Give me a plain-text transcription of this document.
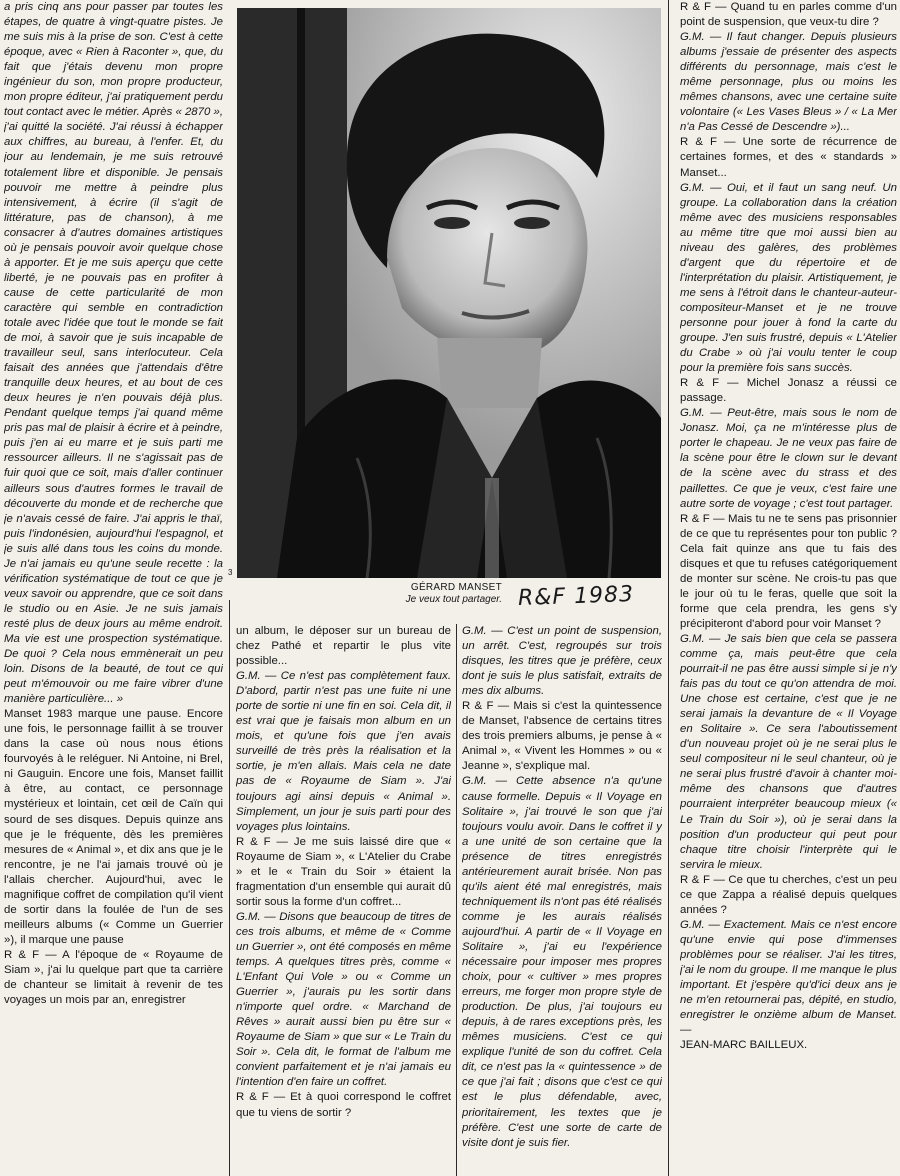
a pris cinq ans pour passer par toutes les étapes, de quatre à vingt-quatre pistes. Je me suis mis à la prise de son. C'est à cette époque, avec « Rien à Raconter », que, du fait que j'étais devenu mon propre ingénieur du son, mon propre producteur, mon propre éditeur, j'ai pratiquement perdu tout contact avec le métier. Après « 2870 », j'ai quitté la société. J'ai réussi à échapper aux chiffres, au bureau, à l'enfer. Et, du jour au lendemain, je me suis retrouvé totalement libre et disponible. Je pensais pouvoir me mettre à peindre plus intensivement, à écrire (il s'agit de littérature, pas de chanson), à me consacrer à d'autres domaines artistiques où je pensais pouvoir avoir quelque chose à apporter. Et je me suis aperçu que cette liberté, je ne pouvais pas en profiter à cause de cette particularité de mon caractère qui semble en contradiction totale avec l'idée que tout le monde se fait de moi, à savoir que je suis incapable de travailleur seul, sans interlocuteur. Cela faisait des années que j'attendais d'être tranquille deux heures, et au bout de ces deux heures je n'en pouvais déjà plus. Pendant quelque temps j'ai quand même pris pas mal de plaisir à écrire et à peindre, puis j'en ai eu marre et je suis parti me ressourcer ailleurs. Il ne s'agissait pas de fuir quoi que ce soit, mais d'aller continuer ailleurs sous d'autres formes le travail de découverte du monde et de recherche que je n'avais cessé de faire. J'ai appris le thaï, puis l'indonésien, aujourd'hui l'espagnol, et je suis allé dans tous les coins du monde. Je n'ai jamais eu qu'une seule recette : la vérification systématique de tout ce que je veux savoir ou apprendre, que ce soit dans le studio ou en Asie. Je ne suis jamais resté plus de deux jours au même endroit. Ma vie est une prospection systématique. De quoi ? Cela nous emmènerait un peu loin. Disons de la beauté, de tout ce qui peut m'émouvoir ou me faire vibrer d'une manière particulière... »

Manset 1983 marque une pause. Encore une fois, le personnage faillit à se trouver dans la case où nous nous étions fourvoyés à le reléguer. Ni Antoine, ni Brel, ni Gauguin. Encore une fois, Manset faillit à être, au contact, ce personnage mystérieux et lointain, cet œil de Caïn qui sourd de ses disques. Depuis quinze ans que je le fréquente, dès les premières mesures de « Animal », et dix ans que je le rencontre, je ne l'ai jamais trouvé où je l'allais chercher. Aujourd'hui, avec le magnifique coffret de compilation qu'il vient de sortir dans la foulée de l'un de ses meilleurs albums (« Comme un Guerrier »), il marque une pause

R & F — A l'époque de « Royaume de Siam », j'ai lu quelque part que ta carrière de chanteur se limitait à revenir de tes voyages un mois par an, enregistrer

3
GÉRARD MANSET
Je veux tout partager. R&F 1983

un album, le déposer sur un bureau de chez Pathé et repartir le plus vite possible...

G.M. — Ce n'est pas complètement faux. D'abord, partir n'est pas une fuite ni une porte de sortie ni une fin en soi. Cela dit, il est vrai que je faisais mon album en un mois, et qu'une fois que j'en avais surveillé de très près la réalisation et la sortie, je m'en allais. Mais cela ne date pas de « Royaume de Siam ». J'ai toujours agi ainsi depuis « Animal ». Simplement, un jour je suis parti pour des voyages plus lointains.

R & F — Je me suis laissé dire que « Royaume de Siam », « L'Atelier du Crabe » et le « Train du Soir » étaient la fragmentation d'un ensemble qui aurait dû sortir sous la forme d'un coffret...

G.M. — Disons que beaucoup de titres de ces trois albums, et même de « Comme un Guerrier », ont été composés en même temps. A quelques titres près, comme « L'Enfant Qui Vole » ou « Comme un Guerrier », j'aurais pu les sortir dans n'importe quel ordre. « Marchand de Rêves » aurait aussi bien pu être sur « Royaume de Siam » que sur « Le Train du Soir ». Cela dit, le format de l'album me convient parfaitement et je n'ai jamais eu l'intention d'en faire un coffret.

R & F — Et à quoi correspond le coffret que tu viens de sortir ?

G.M. — C'est un point de suspension, un arrêt. C'est, regroupés sur trois disques, les titres que je préfère, ceux dont je suis le plus satisfait, extraits de mes dix albums.

R & F — Mais si c'est la quintessence de Manset, l'absence de certains titres des trois premiers albums, je pense à « Animal », « Vivent les Hommes » ou « Jeanne », s'explique mal.

G.M. — Cette absence n'a qu'une cause formelle. Depuis « Il Voyage en Solitaire », j'ai trouvé le son que j'ai toujours voulu avoir. Dans le coffret il y a une unité de son certaine que la présence de titres enregistrés antérieurement aurait brisée. Non pas qu'ils aient été mal enregistrés, mais techniquement ils n'ont pas été réalisés comme je les aurais réalisés aujourd'hui. A partir de « Il Voyage en Solitaire », j'ai eu l'expérience nécessaire pour imposer mes propres choix, pour « cultiver » mes propres erreurs, me forger mon propre style de production. De plus, j'ai toujours eu depuis, à de rares exceptions près, les mêmes musiciens. C'est ce qui explique l'unité de son du coffret. Cela dit, ce n'est pas la « quintessence » de ce que j'ai fait ; disons que c'est ce qui est le plus défendable, avec, prioritairement, les textes que je préfère. C'est une sorte de carte de visite dont je suis fier.

R & F — Quand tu en parles comme d'un point de suspension, que veux-tu dire ?

G.M. — Il faut changer. Depuis plusieurs albums j'essaie de présenter des aspects différents du personnage, mais c'est le même personnage, plus ou moins les mêmes chansons, avec une certaine suite volontaire (« Les Vases Bleus » / « La Mer n'a Pas Cessé de Descendre »)...

R & F — Une sorte de récurrence de certaines formes, et des « standards » Manset...

G.M. — Oui, et il faut un sang neuf. Un groupe. La collaboration dans la création même avec des musiciens responsables au même titre que moi aussi bien au niveau des galères, des problèmes d'argent que du répertoire et de l'interprétation du plaisir. Artistiquement, je me sens à l'étroit dans le chanteur-auteur-compositeur-Manset et je ne trouve personne pour jouer à fond la carte du groupe. J'en suis frustré, depuis « L'Atelier du Crabe » où j'ai voulu tenter le coup pour la première fois sans succès.

R & F — Michel Jonasz a réussi ce passage.

G.M. — Peut-être, mais sous le nom de Jonasz. Moi, ça ne m'intéresse plus de porter le chapeau. Je ne veux pas faire de la scène pour être le clown sur le devant de la scène avec du strass et des paillettes. Ce que je veux, c'est faire une autre sorte de voyage ; c'est tout partager.

R & F — Mais tu ne te sens pas prisonnier de ce que tu représentes pour ton public ? Cela fait quinze ans que tu fais des disques et que tu refuses catégoriquement de monter sur scène. Ne crois-tu pas que le jour où tu le feras, quelle que soit la forme que cela prendra, les gens s'y précipiteront d'abord pour voir Manset ?

G.M. — Je sais bien que cela se passera comme ça, mais peut-être que cela pourrait-il ne pas être aussi simple si je n'y fais pas du tout ce qu'on attendra de moi. Une chose est certaine, c'est que je ne serai jamais la devanture de « Il Voyage en Solitaire ». Ce sera l'aboutissement d'un nouveau projet où je ne serai plus le seul compositeur ni le seul chanteur, où je ne serai plus frustré d'avoir à chanter moi-même des chansons que d'autres pourraient interpréter beaucoup mieux (« Le Train du Soir »), où je serai dans la position d'un producteur qui peut pour chaque titre choisir l'interprète qui le servira le mieux.

R & F — Ce que tu cherches, c'est un peu ce que Zappa a réalisé depuis quelques années ?

G.M. — Exactement. Mais ce n'est encore qu'une envie qui pose d'immenses problèmes pour se réaliser. J'ai les titres, j'ai le nom du groupe. Il me manque le plus important. Et j'espère qu'd'ici deux ans je ne m'en retournerai pas, dépité, en studio, enregistrer le onzième album de Manset. —

JEAN-MARC BAILLEUX.
